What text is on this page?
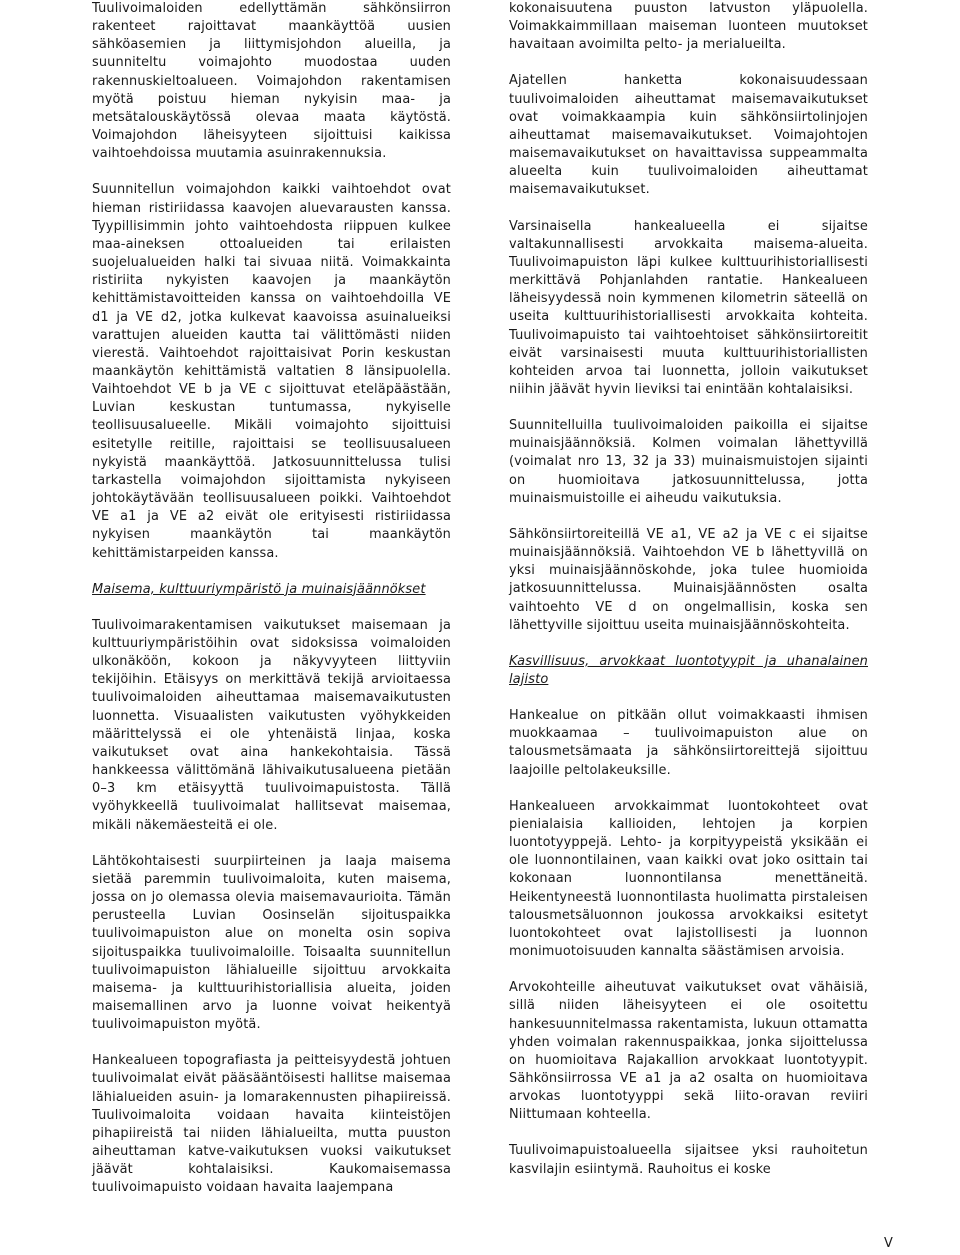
Tuulivoimaloiden edellyttämän sähkönsiirron rakenteet rajoittavat maankäyttöä uusien sähköasemien ja liittymisjohdon alueilla, ja suunniteltu voimajohto muodostaa uuden rakennuskieltoalueen. Voimajohdon rakentamisen myötä poistuu hieman nykyisin maa- ja metsätalouskäytössä olevaa maata käytöstä. Voimajohdon läheisyyteen sijoittuisi kaikissa vaihtoehdoissa muutamia asuinrakennuksia.

Suunnitellun voimajohdon kaikki vaihtoehdot ovat hieman ristiriidassa kaavojen aluevarausten kanssa. Tyypillisimmin johto vaihtoehdosta riippuen kulkee maa-aineksen ottoalueiden tai erilaisten suojelualueiden halki tai sivuaa niitä. Voimakkainta ristiriita nykyisten kaavojen ja maankäytön kehittämistavoitteiden kanssa on vaihtoehdoilla VE d1 ja VE d2, jotka kulkevat kaavoissa asuinalueiksi varattujen alueiden kautta tai välittömästi niiden vierestä. Vaihtoehdot rajoittaisivat Porin keskustan maankäytön kehittämistä valtatien 8 länsipuolella. Vaihtoehdot VE b ja VE c sijoittuvat eteläpäästään, Luvian keskustan tuntumassa, nykyiselle teollisuusalueelle. Mikäli voimajohto sijoittuisi esitetylle reitille, rajoittaisi se teollisuusalueen nykyistä maankäyttöä. Jatkosuunnittelussa tulisi tarkastella voimajohdon sijoittamista nykyiseen johtokäytävään teollisuusalueen poikki. Vaihtoehdot VE a1 ja VE a2 eivät ole erityisesti ristiriidassa nykyisen maankäytön tai maankäytön kehittämistarpeiden kanssa.

Maisema, kulttuuriympäristö ja muinaisjäännökset

Tuulivoimarakentamisen vaikutukset maisemaan ja kulttuuriympäristöihin ovat sidoksissa voimaloiden ulkonäköön, kokoon ja näkyvyyteen liittyviin tekijöihin. Etäisyys on merkittävä tekijä arvioitaessa tuulivoimaloiden aiheuttamaa maisemavaikutusten luonnetta. Visuaalisten vaikutusten vyöhykkeiden määrittelyssä ei ole yhtenäistä linjaa, koska vaikutukset ovat aina hankekohtaisia. Tässä hankkeessa välittömänä lähivaikutusalueena pietään 0–3 km etäisyyttä tuulivoimapuistosta. Tällä vyöhykkeellä tuulivoimalat hallitsevat maisemaa, mikäli näkemäesteitä ei ole.

Lähtökohtaisesti suurpiirteinen ja laaja maisema sietää paremmin tuulivoimaloita, kuten maisema, jossa on jo olemassa olevia maisemavaurioita. Tämän perusteella Luvian Oosinselän sijoituspaikka tuulivoimapuiston alue on monelta osin sopiva sijoituspaikka tuulivoimaloille. Toisaalta suunnitellun tuulivoimapuiston lähialueille sijoittuu arvokkaita maisema- ja kulttuurihistoriallisia alueita, joiden maisemallinen arvo ja luonne voivat heikentyä tuulivoimapuiston myötä.

Hankealueen topografiasta ja peitteisyydestä johtuen tuulivoimalat eivät pääsääntöisesti hallitse maisemaa lähialueiden asuin- ja lomarakennusten pihapiireissä. Tuulivoimaloita voidaan havaita kiinteistöjen pihapiireistä tai niiden lähialueilta, mutta puuston aiheuttaman katve-vaikutuksen vuoksi vaikutukset jäävät kohtalaisiksi. Kaukomaisemassa tuulivoimapuisto voidaan havaita laajempana

kokonaisuutena puuston latvuston yläpuolella. Voimakkaimmillaan maiseman luonteen muutokset havaitaan avoimilta pelto- ja merialueilta.

Ajatellen hanketta kokonaisuudessaan tuulivoimaloiden aiheuttamat maisemavaikutukset ovat voimakkaampia kuin sähkönsiirtolinjojen aiheuttamat maisemavaikutukset. Voimajohtojen maisemavaikutukset on havaittavissa suppeammalta alueelta kuin tuulivoimaloiden aiheuttamat maisemavaikutukset.

Varsinaisella hankealueella ei sijaitse valtakunnallisesti arvokkaita maisema-alueita. Tuulivoimapuiston läpi kulkee kulttuurihistoriallisesti merkittävä Pohjanlahden rantatie. Hankealueen läheisyydessä noin kymmenen kilometrin säteellä on useita kulttuurihistoriallisesti arvokkaita kohteita. Tuulivoimapuisto tai vaihtoehtoiset sähkönsiirtoreitit eivät varsinaisesti muuta kulttuurihistoriallisten kohteiden arvoa tai luonnetta, jolloin vaikutukset niihin jäävät hyvin lieviksi tai enintään kohtalaisiksi.

Suunnitelluilla tuulivoimaloiden paikoilla ei sijaitse muinaisjäännöksiä. Kolmen voimalan lähettyvillä (voimalat nro 13, 32 ja 33) muinaismuistojen sijainti on huomioitava jatkosuunnittelussa, jotta muinaismuistoille ei aiheudu vaikutuksia.

Sähkönsiirtoreiteillä VE a1, VE a2 ja VE c ei sijaitse muinaisjäännöksiä. Vaihtoehdon VE b lähettyvillä on yksi muinaisjäännöskohde, joka tulee huomioida jatkosuunnittelussa. Muinaisjäännösten osalta vaihtoehto VE d on ongelmallisin, koska sen lähettyville sijoittuu useita muinaisjäännöskohteita.

Kasvillisuus, arvokkaat luontotyypit ja uhanalainen lajisto

Hankealue on pitkään ollut voimakkaasti ihmisen muokkaamaa – tuulivoimapuiston alue on talousmetsämaata ja sähkönsiirtoreittejä sijoittuu laajoille peltolakeuksille.

Hankealueen arvokkaimmat luontokohteet ovat pienialaisia kallioiden, lehtojen ja korpien luontotyyppejä. Lehto- ja korpityypeistä yksikään ei ole luonnontilainen, vaan kaikki ovat joko osittain tai kokonaan luonnontilansa menettäneitä. Heikentyneestä luonnontilasta huolimatta pirstaleisen talousmetsäluonnon joukossa arvokkaiksi esitetyt luontokohteet ovat lajistollisesti ja luonnon monimuotoisuuden kannalta säästämisen arvoisia.

Arvokohteille aiheutuvat vaikutukset ovat vähäisiä, sillä niiden läheisyyteen ei ole osoitettu hankesuunnitelmassa rakentamista, lukuun ottamatta yhden voimalan rakennuspaikkaa, jonka sijoittelussa on huomioitava Rajakallion arvokkaat luontotyypit. Sähkönsiirrossa VE a1 ja a2 osalta on huomioitava arvokas luontotyyppi sekä liito-oravan reviiri Niittumaan kohteella.

Tuulivoimapuistoalueella sijaitsee yksi rauhoitetun kasvilajin esiintymä. Rauhoitus ei koske

V
